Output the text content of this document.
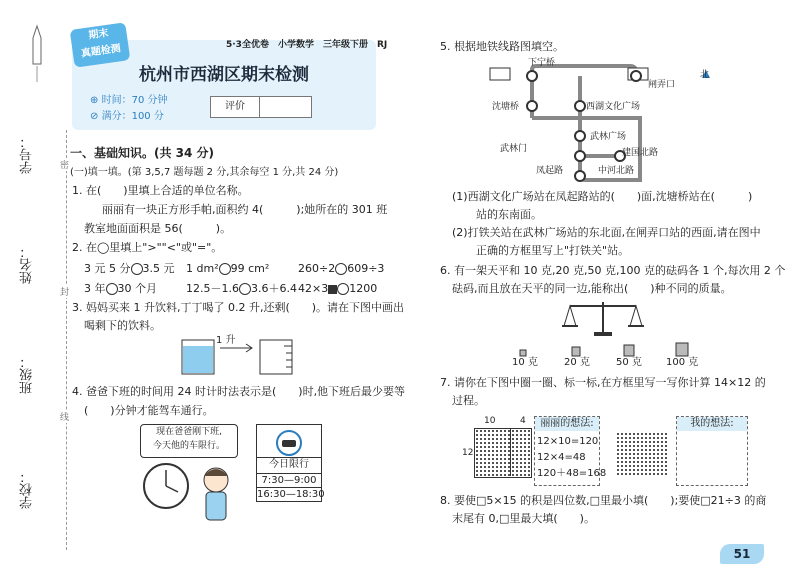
学号：
姓名：
班级：
学校：
密
封
线
杭州市西湖区期末检测
⊕ 时间：70 分钟
⊘ 满分：100 分
期末
真题检测
评价
5·3全优卷　小学数学　三年级下册　RJ
一、基础知识。(共 34 分)
(一)填一填。(第 3,5,7 题每题 2 分,其余每空 1 分,共 24 分)
1. 在(　　)里填上合适的单位名称。
丽丽有一块正方形手帕,面积约 4(　　　);她所在的 301 班
教室地面面积是 56(　　　)。
2. 在◯里填上">""<"或"="。
3 元 5 分 3.5 元 1 dm² 99 cm²	260÷2 609÷3
3 年 30 个月	12.5－1.6 3.6＋6.4 42×3 1200
3. 妈妈买来 1 升饮料,丁丁喝了 0.2 升,还剩(　　)。请在下图中画出
喝剩下的饮料。
1 升
4. 爸爸下班的时间用 24 时计时法表示是(　　)时,他下班后最少要等
(　　)分钟才能驾车通行。
现在爸爸刚下班,
今天他的车限行。
今日限行
7:30—9:00
16:30—18:30
5. 根据地铁线路图填空。
下宁桥
闸弄口
北
沈塘桥	西湖文化广场
武林广场
武林门	建国北路
凤起路	中河北路
(1)西湖文化广场站在凤起路站的(　　)面,沈塘桥站在(　　　)
站的东南面。
(2)打铁关站在武林广场站的东北面,在闸弄口站的西面,请在图中
正确的方框里写上"打铁关"站。
6. 有一架天平和 10 克,20 克,50 克,100 克的砝码各 1 个,每次用 2 个
砝码,而且放在天平的同一边,能称出(　　)种不同的质量。
10 克	20 克	50 克 100 克
7. 请你在下图中圈一圈、标一标,在方框里写一写你计算 14×12 的
过程。
10	4
12
丽丽的想法:
12×10=120
12×4=48
120＋48=168
我的想法:
8. 要使□5×15 的积是四位数,□里最小填(　　);要使□21÷3 的商
末尾有 0,□里最大填(　　)。
51
